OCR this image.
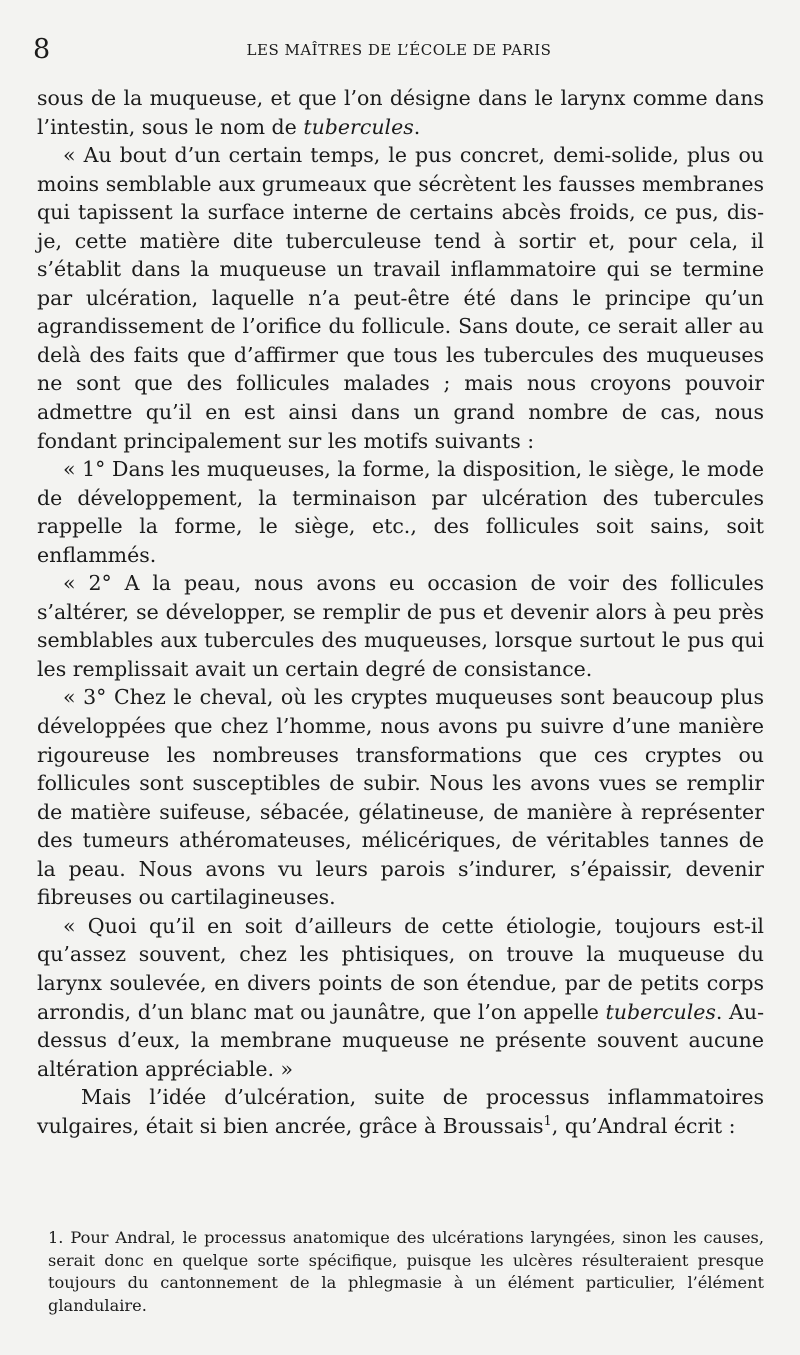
8	LES MAÎTRES DE L’ÉCOLE DE PARIS

sous de la muqueuse, et que l’on désigne dans le larynx comme dans l’intestin, sous le nom de tubercules.

« Au bout d’un certain temps, le pus concret, demi-solide, plus ou moins semblable aux grumeaux que sécrètent les fausses membranes qui tapissent la surface interne de certains abcès froids, ce pus, dis-je, cette matière dite tuberculeuse tend à sortir et, pour cela, il s’établit dans la muqueuse un travail inflammatoire qui se termine par ulcération, laquelle n’a peut-être été dans le principe qu’un agrandissement de l’orifice du follicule. Sans doute, ce serait aller au delà des faits que d’affirmer que tous les tubercules des muqueuses ne sont que des follicules malades ; mais nous croyons pouvoir admettre qu’il en est ainsi dans un grand nombre de cas, nous fondant principalement sur les motifs suivants :

« 1° Dans les muqueuses, la forme, la disposition, le siège, le mode de développement, la terminaison par ulcération des tubercules rappelle la forme, le siège, etc., des follicules soit sains, soit enflammés.

« 2° A la peau, nous avons eu occasion de voir des follicules s’altérer, se développer, se remplir de pus et devenir alors à peu près semblables aux tubercules des muqueuses, lorsque surtout le pus qui les remplissait avait un certain degré de consistance.

« 3° Chez le cheval, où les cryptes muqueuses sont beaucoup plus développées que chez l’homme, nous avons pu suivre d’une manière rigoureuse les nombreuses transformations que ces cryptes ou follicules sont susceptibles de subir. Nous les avons vues se remplir de matière suifeuse, sébacée, gélatineuse, de manière à représenter des tumeurs athéromateuses, mélicériques, de véritables tannes de la peau. Nous avons vu leurs parois s’indurer, s’épaissir, devenir fibreuses ou cartilagineuses.

« Quoi qu’il en soit d’ailleurs de cette étiologie, toujours est-il qu’assez souvent, chez les phtisiques, on trouve la muqueuse du larynx soulevée, en divers points de son étendue, par de petits corps arrondis, d’un blanc mat ou jaunâtre, que l’on appelle tubercules. Au-dessus d’eux, la membrane muqueuse ne présente souvent aucune altération appréciable. »

Mais l’idée d’ulcération, suite de processus inflammatoires vulgaires, était si bien ancrée, grâce à Broussais$^1$, qu’Andral écrit :

1. Pour Andral, le processus anatomique des ulcérations laryngées, sinon les causes, serait donc en quelque sorte spécifique, puisque les ulcères résulteraient presque toujours du cantonnement de la phlegmasie à un élément particulier, l’élément glandulaire.
